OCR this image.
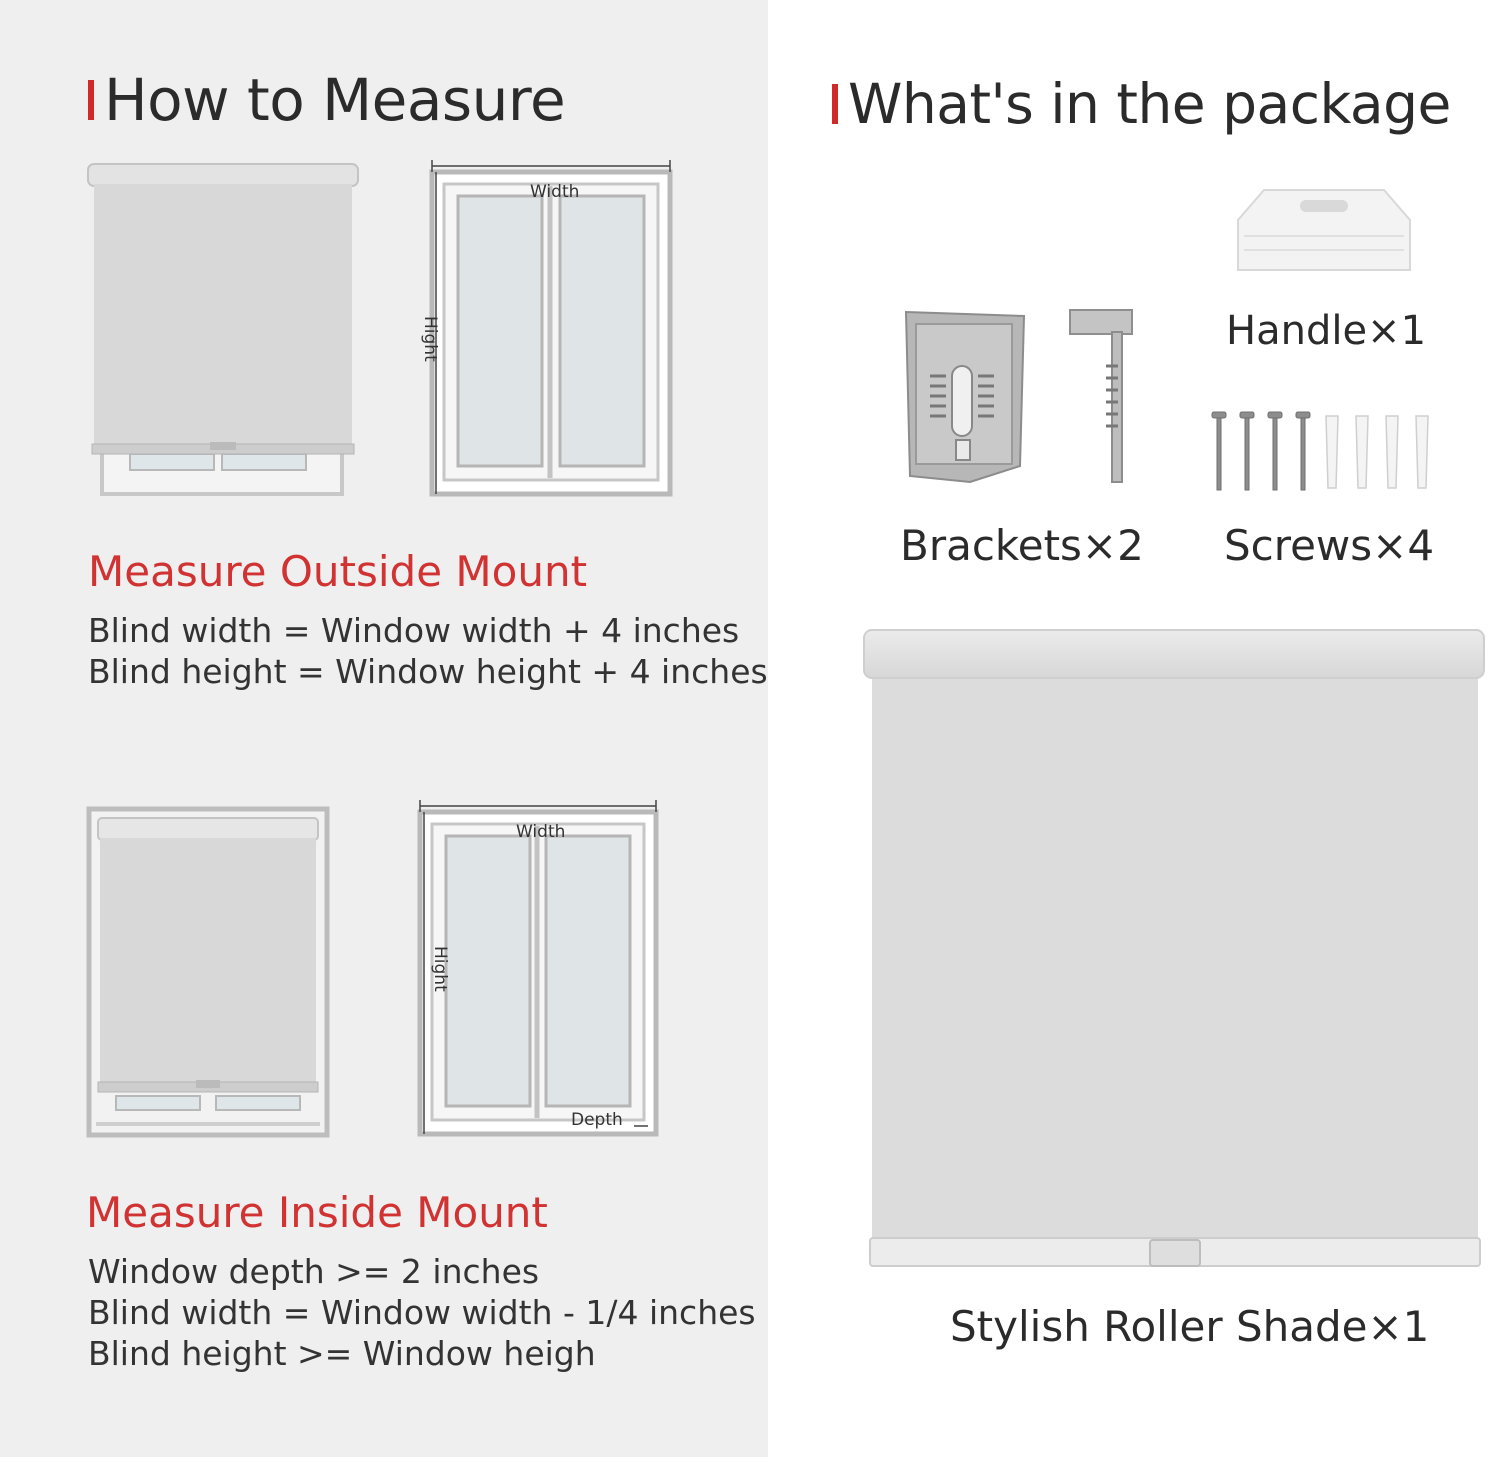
How to Measure
Width
Hight
Measure Outside Mount
Blind width = Window width + 4 inches
Blind height = Window height + 4 inches
Width
Hight
Depth
Measure Inside Mount
Window depth >= 2 inches
Blind width = Window width - 1/4 inches
Blind height >= Window heigh
What's in the package
Handle×1
Brackets×2 Screws×4
Stylish Roller Shade×1
